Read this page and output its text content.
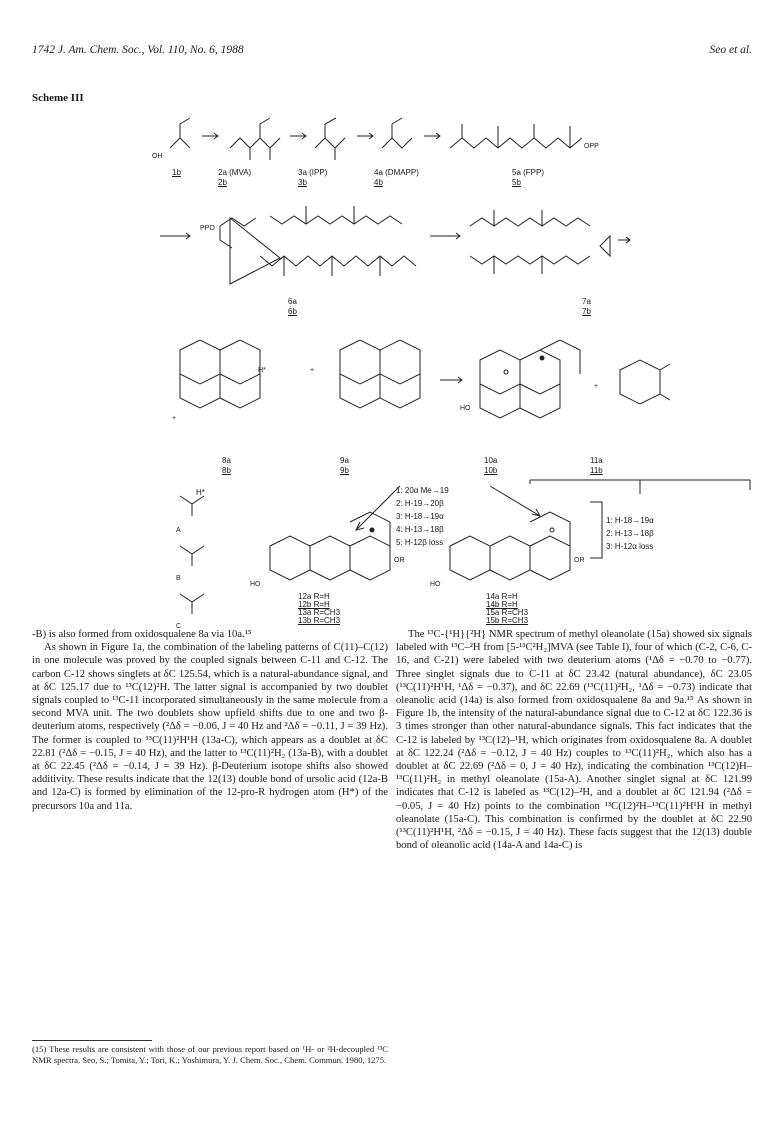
1742 J. Am. Chem. Soc., Vol. 110, No. 6, 1988	Seo et al.
Scheme III
OH
OPP
1b	2a (MVA)
2b
3a (IPP)
3b
4a (DMAPP)
4b
5a (FPP)
5b
PPO
6a
6b
7a
7b
H*
+
+
HO
+
8a
8b
9a
9b
10a
10b
11a
11b
A
B
C
OR
HO
OR
HO
H*	1: 20α Me→19
2: H-19→20β
3: H-18→19α
4: H-13→18β
5: H-12β loss
1: H-18→19α
2: H-13→18β
3: H-12α loss
12a R=H
12b R=H
13a R=CH3
13b R=CH3
14a R=H
14b R=H
15a R=CH3
15b R=CH3

-B) is also formed from oxidosqualene 8a via 10a.¹⁵

As shown in Figure 1a, the combination of the labeling patterns of C(11)–C(12) in one molecule was proved by the coupled signals between C-11 and C-12. The carbon C-12 shows singlets at δC 125.54, which is a natural-abundance signal, and at δC 125.17 due to ¹³C(12)²H. The latter signal is accompanied by two doublet signals coupled to ¹³C-11 incorporated simultaneously in the same molecule from a second MVA unit. The two doublets show upfield shifts due to one and two β-deuterium atoms, respectively (²Δδ = −0.06, J = 40 Hz and ²Δδ = −0.11, J = 39 Hz). The former is coupled to ¹³C(11)²H¹H (13a-C), which appears as a doublet at δC 22.81 (²Δδ = −0.15, J = 40 Hz), and the latter to ¹³C(11)²H₂ (13a-B), with a doublet at δC 22.45 (²Δδ = −0.14, J = 39 Hz). β-Deuterium isotope shifts also showed additivity. These results indicate that the 12(13) double bond of ursolic acid (12a-B and 12a-C) is formed by elimination of the 12-pro-R hydrogen atom (H*) of the precursors 10a and 11a.

The ¹³C-{¹H}{²H} NMR spectrum of methyl oleanolate (15a) showed six signals labeled with ¹³C–²H from [5-¹³C²H₂]MVA (see Table I), four of which (C-2, C-6, C-16, and C-21) were labeled with two deuterium atoms (¹Δδ = −0.70 to −0.77). Three singlet signals due to C-11 at δC 23.42 (natural abundance), δC 23.05 (¹³C(11)²H¹H, ¹Δδ = −0.37), and δC 22.69 (¹³C(11)²H₂, ¹Δδ = −0.73) indicate that oleanolic acid (14a) is also formed from oxidosqualene 8a and 9a.¹⁵ As shown in Figure 1b, the intensity of the natural-abundance signal due to C-12 at δC 122.36 is 3 times stronger than other natural-abundance signals. This fact indicates that the C-12 is labeled by ¹³C(12)–¹H, which originates from oxidosqualene 8a. A doublet at δC 122.24 (²Δδ = −0.12, J = 40 Hz) couples to ¹³C(11)²H₂, which also has a doublet at δC 22.69 (²Δδ = 0, J = 40 Hz), indicating the combination ¹³C(12)H–¹³C(11)²H₂ in methyl oleanolate (15a-A). Another singlet signal at δC 121.99 indicates that C-12 is labeled as ¹³C(12)–²H, and a doublet at δC 121.94 (²Δδ = −0.05, J = 40 Hz) points to the combination ¹³C(12)²H–¹³C(11)²H¹H in methyl oleanolate (15a-C). This combination is confirmed by the doublet at δC 22.90 (¹³C(11)²H¹H, ²Δδ = −0.15, J = 40 Hz). These facts suggest that the 12(13) double bond of oleanolic acid (14a-A and 14a-C) is

(15) These results are consistent with those of our previous report based on ¹H- or ²H-decoupled ¹³C NMR spectra. Seo, S.; Tomita, Y.; Tori, K.; Yoshimura, Y. J. Chem. Soc., Chem. Commun. 1980, 1275.
